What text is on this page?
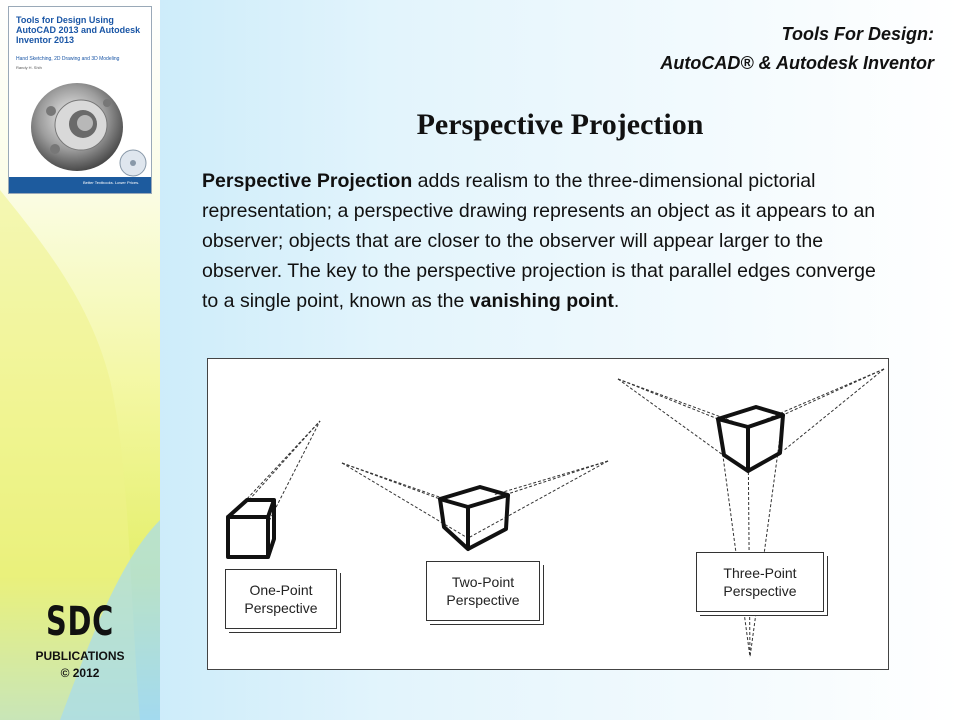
Tools for Design Using AutoCAD 2013 and Autodesk Inventor 2013
Hand Sketching, 2D Drawing and 3D Modeling
Randy H. Shih
Better Textbooks. Lower Prices.
SDC
PUBLICATIONS
© 2012
Tools For Design:
AutoCAD® & Autodesk Inventor
Perspective Projection
Perspective Projection adds realism to the three-dimensional pictorial representation; a perspective drawing represents an object as it appears to an observer; objects that are closer to the observer will appear larger to the observer. The key to the perspective projection is that parallel edges converge to a single point, known as the vanishing point.
One-Point
Perspective
Two-Point
Perspective
Three-Point
Perspective
